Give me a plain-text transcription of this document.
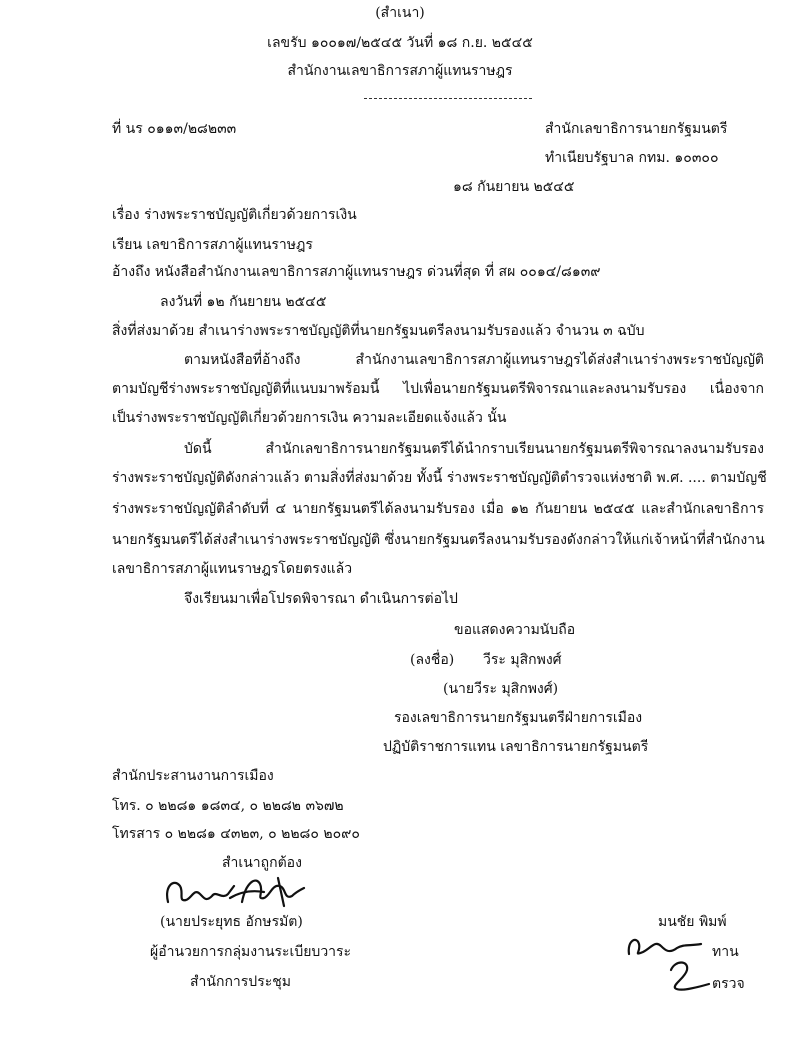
(สำเนา)
เลขรับ ๑๐๐๑๗/๒๕๔๕ วันที่ ๑๘ ก.ย. ๒๕๔๕
สำนักงานเลขาธิการสภาผู้แทนราษฎร
ที่ นร ๐๑๑๓/๒๘๒๓๓	สำนักเลขาธิการนายกรัฐมนตรี
ทำเนียบรัฐบาล กทม. ๑๐๓๐๐
๑๘ กันยายน ๒๕๔๕
เรื่อง ร่างพระราชบัญญัติเกี่ยวด้วยการเงิน
เรียน เลขาธิการสภาผู้แทนราษฎร
อ้างถึง หนังสือสำนักงานเลขาธิการสภาผู้แทนราษฎร ด่วนที่สุด ที่ สผ ๐๐๑๔/๘๑๓๙
ลงวันที่ ๑๒ กันยายน ๒๕๔๕
สิ่งที่ส่งมาด้วย สำเนาร่างพระราชบัญญัติที่นายกรัฐมนตรีลงนามรับรองแล้ว จำนวน ๓ ฉบับ
ตามหนังสือที่อ้างถึง สำนักงานเลขาธิการสภาผู้แทนราษฎรได้ส่งสำเนาร่างพระราชบัญญัติ
ตามบัญชีร่างพระราชบัญญัติที่แนบมาพร้อมนี้ ไปเพื่อนายกรัฐมนตรีพิจารณาและลงนามรับรอง เนื่องจาก
เป็นร่างพระราชบัญญัติเกี่ยวด้วยการเงิน ความละเอียดแจ้งแล้ว นั้น
บัดนี้ สำนักเลขาธิการนายกรัฐมนตรีได้นำกราบเรียนนายกรัฐมนตรีพิจารณาลงนามรับรอง
ร่างพระราชบัญญัติดังกล่าวแล้ว ตามสิ่งที่ส่งมาด้วย ทั้งนี้ ร่างพระราชบัญญัติตำรวจแห่งชาติ พ.ศ. .... ตามบัญชี
ร่างพระราชบัญญัติลำดับที่ ๔ นายกรัฐมนตรีได้ลงนามรับรอง เมื่อ ๑๒ กันยายน ๒๕๔๕ และสำนักเลขาธิการ
นายกรัฐมนตรีได้ส่งสำเนาร่างพระราชบัญญัติ ซึ่งนายกรัฐมนตรีลงนามรับรองดังกล่าวให้แก่เจ้าหน้าที่สำนักงาน
เลขาธิการสภาผู้แทนราษฎรโดยตรงแล้ว
จึงเรียนมาเพื่อโปรดพิจารณา ดำเนินการต่อไป
ขอแสดงความนับถือ
(ลงชื่อ) วีระ มุสิกพงศ์
(นายวีระ มุสิกพงศ์)
รองเลขาธิการนายกรัฐมนตรีฝ่ายการเมือง
ปฏิบัติราชการแทน เลขาธิการนายกรัฐมนตรี
สำนักประสานงานการเมือง
โทร. ๐ ๒๒๘๑ ๑๘๓๔, ๐ ๒๒๘๒ ๓๖๗๒
โทรสาร ๐ ๒๒๘๑ ๔๓๒๓, ๐ ๒๒๘๐ ๒๐๙๐
สำเนาถูกต้อง
(นายประยุทธ อักษรมัต)
ผู้อำนวยการกลุ่มงานระเบียบวาระ
สำนักการประชุม
มนชัย พิมพ์
ทาน
ตรวจ
